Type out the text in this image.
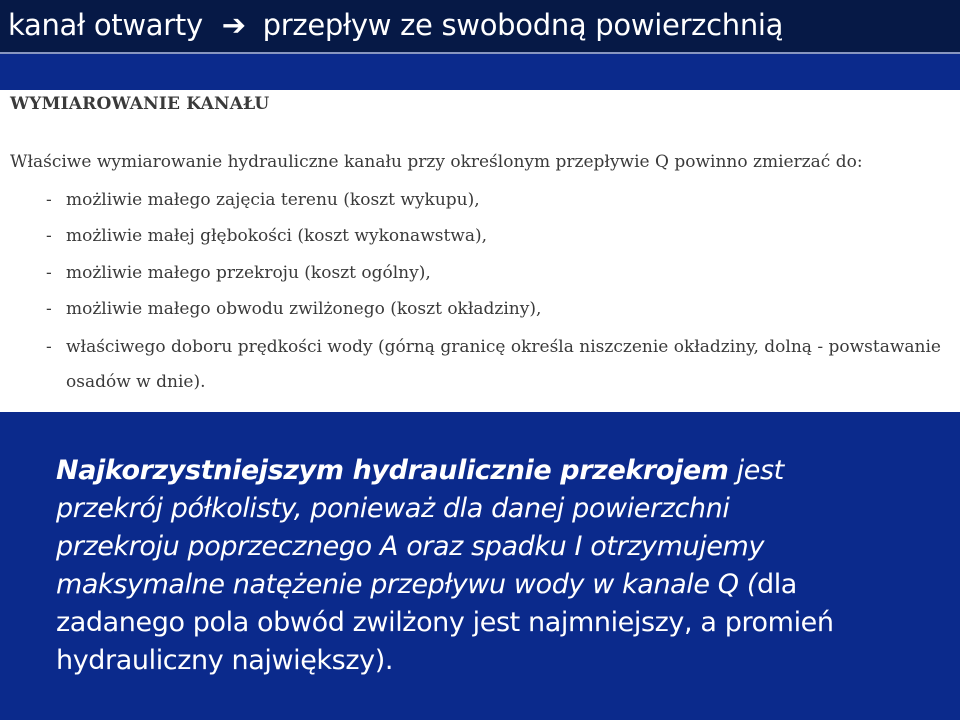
kanał otwarty ➔ przepływ ze swobodną powierzchnią
WYMIAROWANIE KANAŁU
Właściwe wymiarowanie hydrauliczne kanału przy określonym przepływie Q powinno zmierzać do:
- możliwie małego zajęcia terenu (koszt wykupu),
- możliwie małej głębokości (koszt wykonawstwa),
- możliwie małego przekroju (koszt ogólny),
- możliwie małego obwodu zwilżonego (koszt okładziny),
- właściwego doboru prędkości wody (górną granicę określa niszczenie okładziny, dolną - powstawanie
osadów w dnie).
Najkorzystniejszym hydraulicznie przekrojem jest
przekrój półkolisty, ponieważ dla danej powierzchni
przekroju poprzecznego A oraz spadku I otrzymujemy
maksymalne natężenie przepływu wody w kanale Q (dla
zadanego pola obwód zwilżony jest najmniejszy, a promień
hydrauliczny największy).
